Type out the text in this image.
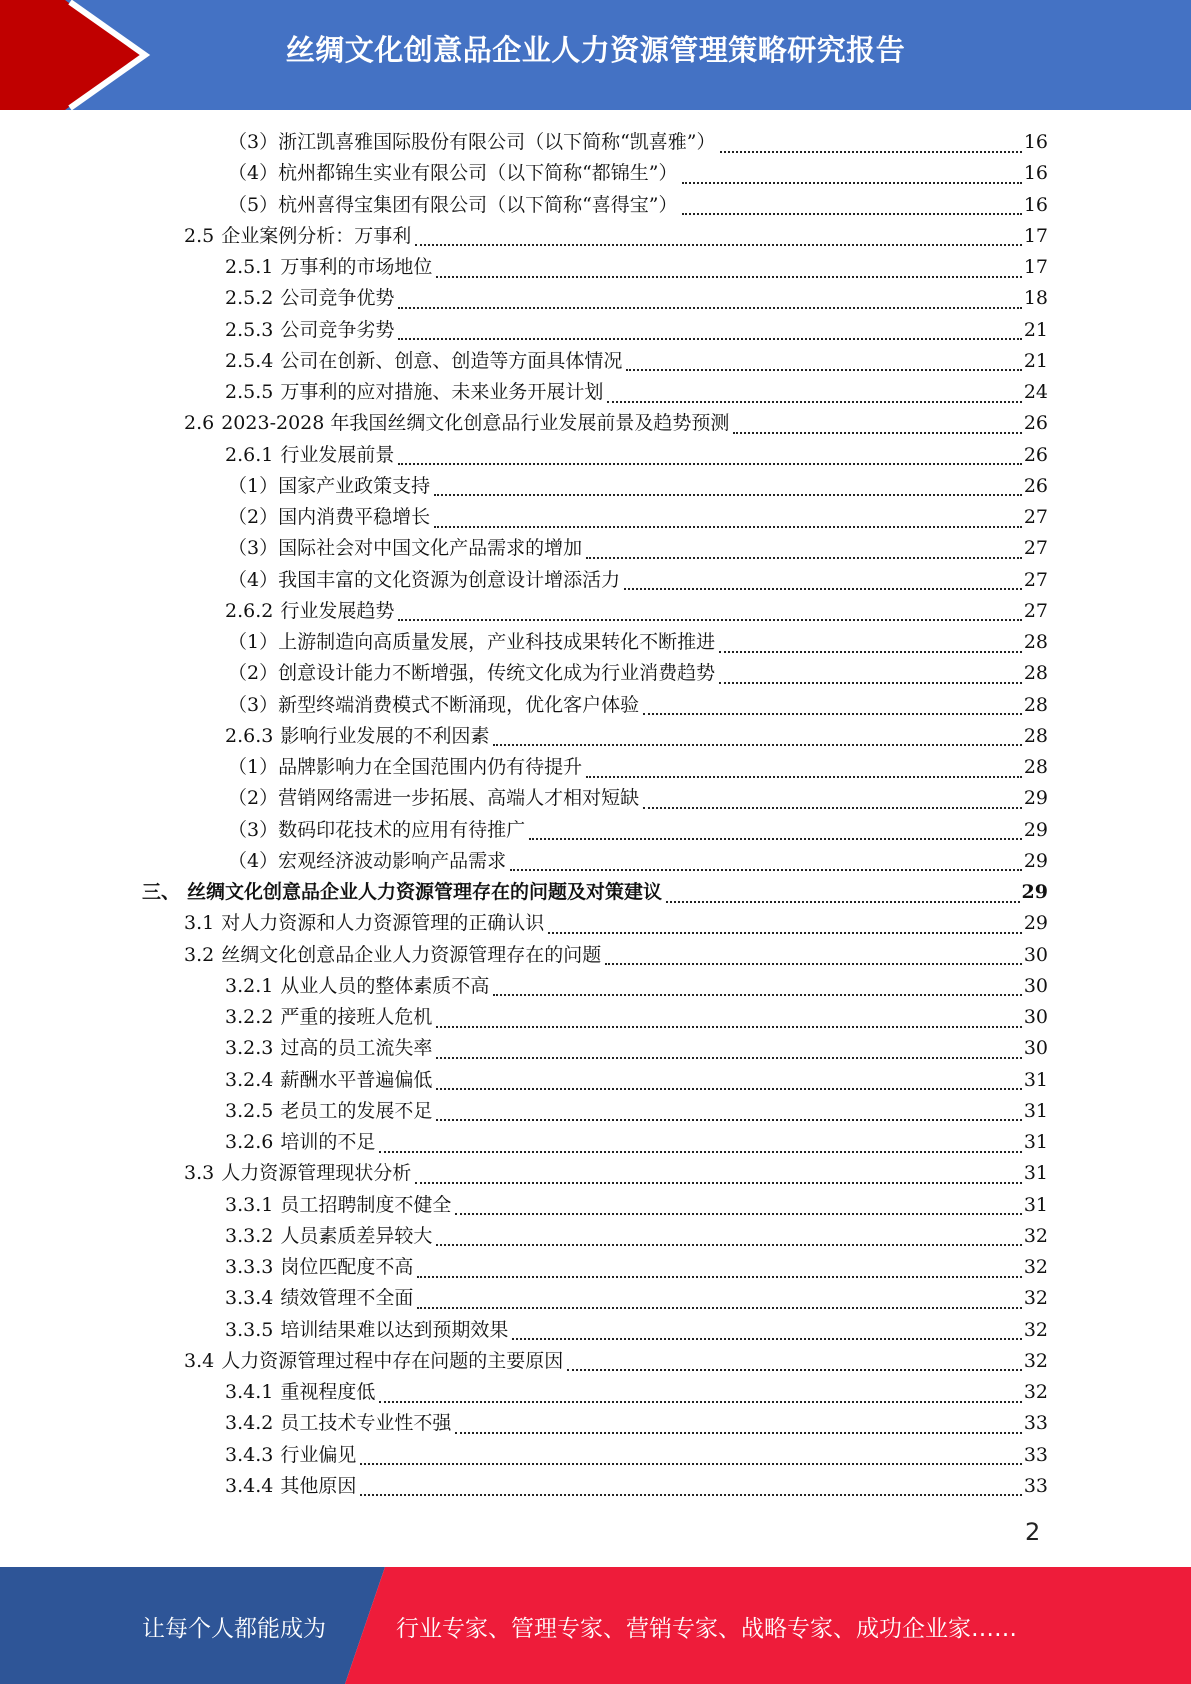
丝绸文化创意品企业人力资源管理策略研究报告
（3） 浙江凯喜雅国际股份有限公司（以下简称“凯喜雅”）	16
（4） 杭州都锦生实业有限公司（以下简称“都锦生”）	16
（5） 杭州喜得宝集团有限公司（以下简称“喜得宝”）	16
2.5 企业案例分析：万事利	17
2.5.1 万事利的市场地位	17
2.5.2 公司竞争优势	18
2.5.3 公司竞争劣势	21
2.5.4 公司在创新、创意、创造等方面具体情况	21
2.5.5 万事利的应对措施、未来业务开展计划	24
2.6 2023-2028 年我国丝绸文化创意品行业发展前景及趋势预测	26
2.6.1 行业发展前景	26
（1） 国家产业政策支持	26
（2） 国内消费平稳增长	27
（3） 国际社会对中国文化产品需求的增加	27
（4） 我国丰富的文化资源为创意设计增添活力	27
2.6.2 行业发展趋势	27
（1） 上游制造向高质量发展，产业科技成果转化不断推进	28
（2） 创意设计能力不断增强，传统文化成为行业消费趋势	28
（3） 新型终端消费模式不断涌现，优化客户体验	28
2.6.3 影响行业发展的不利因素	28
（1） 品牌影响力在全国范围内仍有待提升	28
（2） 营销网络需进一步拓展、高端人才相对短缺	29
（3） 数码印花技术的应用有待推广	29
（4） 宏观经济波动影响产品需求	29
三、 丝绸文化创意品企业人力资源管理存在的问题及对策建议	29
3.1 对人力资源和人力资源管理的正确认识	29
3.2 丝绸文化创意品企业人力资源管理存在的问题	30
3.2.1 从业人员的整体素质不高	30
3.2.2 严重的接班人危机	30
3.2.3 过高的员工流失率	30
3.2.4 薪酬水平普遍偏低	31
3.2.5 老员工的发展不足	31
3.2.6 培训的不足	31
3.3 人力资源管理现状分析	31
3.3.1 员工招聘制度不健全	31
3.3.2 人员素质差异较大	32
3.3.3 岗位匹配度不高	32
3.3.4 绩效管理不全面	32
3.3.5 培训结果难以达到预期效果	32
3.4 人力资源管理过程中存在问题的主要原因	32
3.4.1 重视程度低	32
3.4.2 员工技术专业性不强	33
3.4.3 行业偏见	33
3.4.4 其他原因	33
2
让每个人都能成为	行业专家、管理专家、营销专家、战略专家、成功企业家……
